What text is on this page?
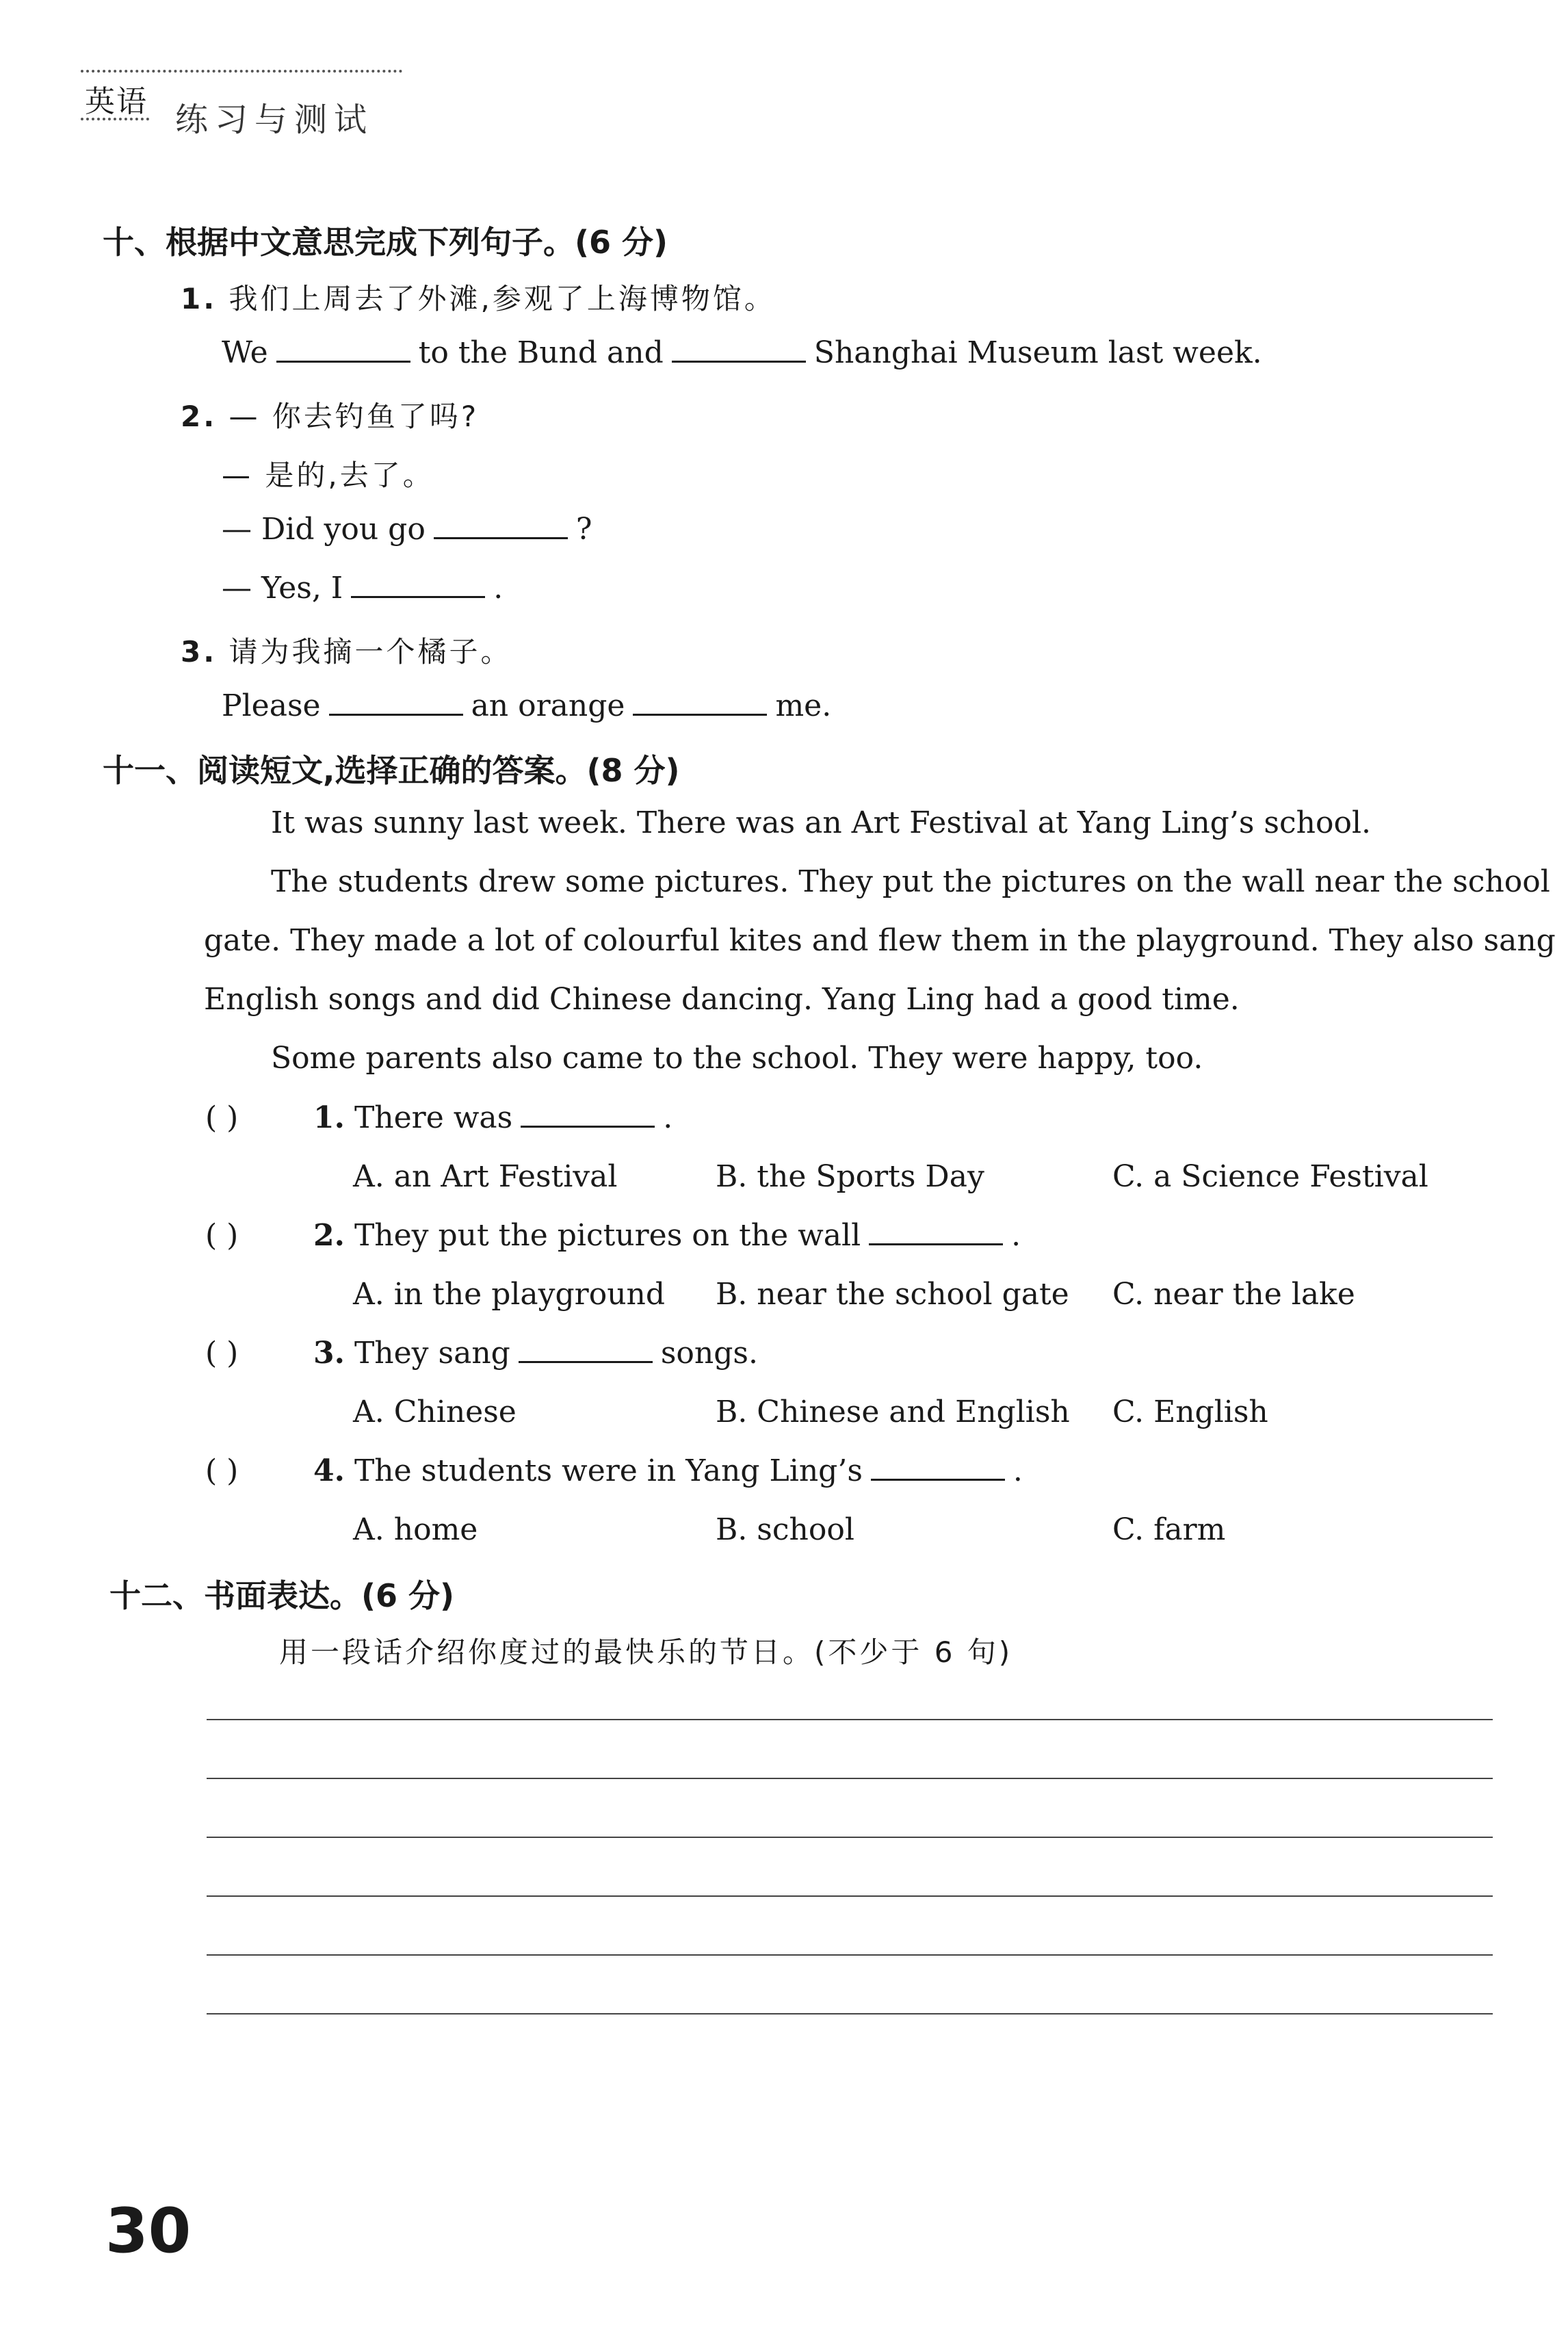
英语 练习与测试
十、根据中文意思完成下列句子。(6 分)
1. 我们上周去了外滩,参观了上海博物馆。
We	to the Bund and	Shanghai Museum last week.
2. — 你去钓鱼了吗?
— 是的,去了。
— Did you go	?
— Yes, I	.
3. 请为我摘一个橘子。
Please	an orange	me.
十一、阅读短文,选择正确的答案。(8 分)
It was sunny last week. There was an Art Festival at Yang Ling’s school.
The students drew some pictures. They put the pictures on the wall near the school
gate. They made a lot of colourful kites and flew them in the playground. They also sang
English songs and did Chinese dancing. Yang Ling had a good time.
Some parents also came to the school. They were happy, too.
( ) 1. There was	.
A. an Art Festival	B. the Sports Day	C. a Science Festival
( ) 2. They put the pictures on the wall	.
A. in the playground B. near the school gate C. near the lake
( ) 3. They sang	songs.
A. Chinese	B. Chinese and English C. English
( ) 4. The students were in Yang Ling’s	.
A. home	B. school	C. farm
十二、书面表达。(6 分)
用一段话介绍你度过的最快乐的节日。(不少于 6 句)
30
